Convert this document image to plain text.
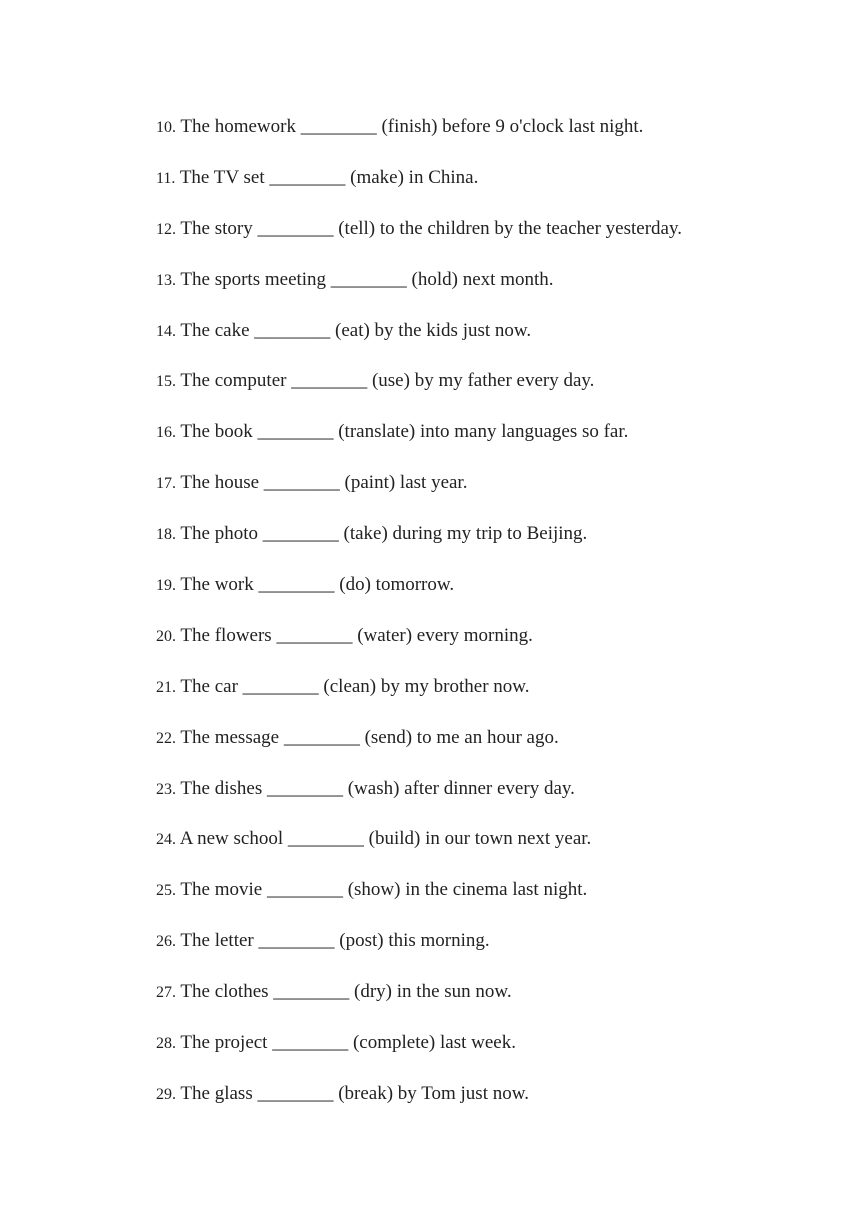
10. The homework ________ (finish) before 9 o'clock last night.
11. The TV set ________ (make) in China.
12. The story ________ (tell) to the children by the teacher yesterday.
13. The sports meeting ________ (hold) next month.
14. The cake ________ (eat) by the kids just now.
15. The computer ________ (use) by my father every day.
16. The book ________ (translate) into many languages so far.
17. The house ________ (paint) last year.
18. The photo ________ (take) during my trip to Beijing.
19. The work ________ (do) tomorrow.
20. The flowers ________ (water) every morning.
21. The car ________ (clean) by my brother now.
22. The message ________ (send) to me an hour ago.
23. The dishes ________ (wash) after dinner every day.
24. A new school ________ (build) in our town next year.
25. The movie ________ (show) in the cinema last night.
26. The letter ________ (post) this morning.
27. The clothes ________ (dry) in the sun now.
28. The project ________ (complete) last week.
29. The glass ________ (break) by Tom just now.
